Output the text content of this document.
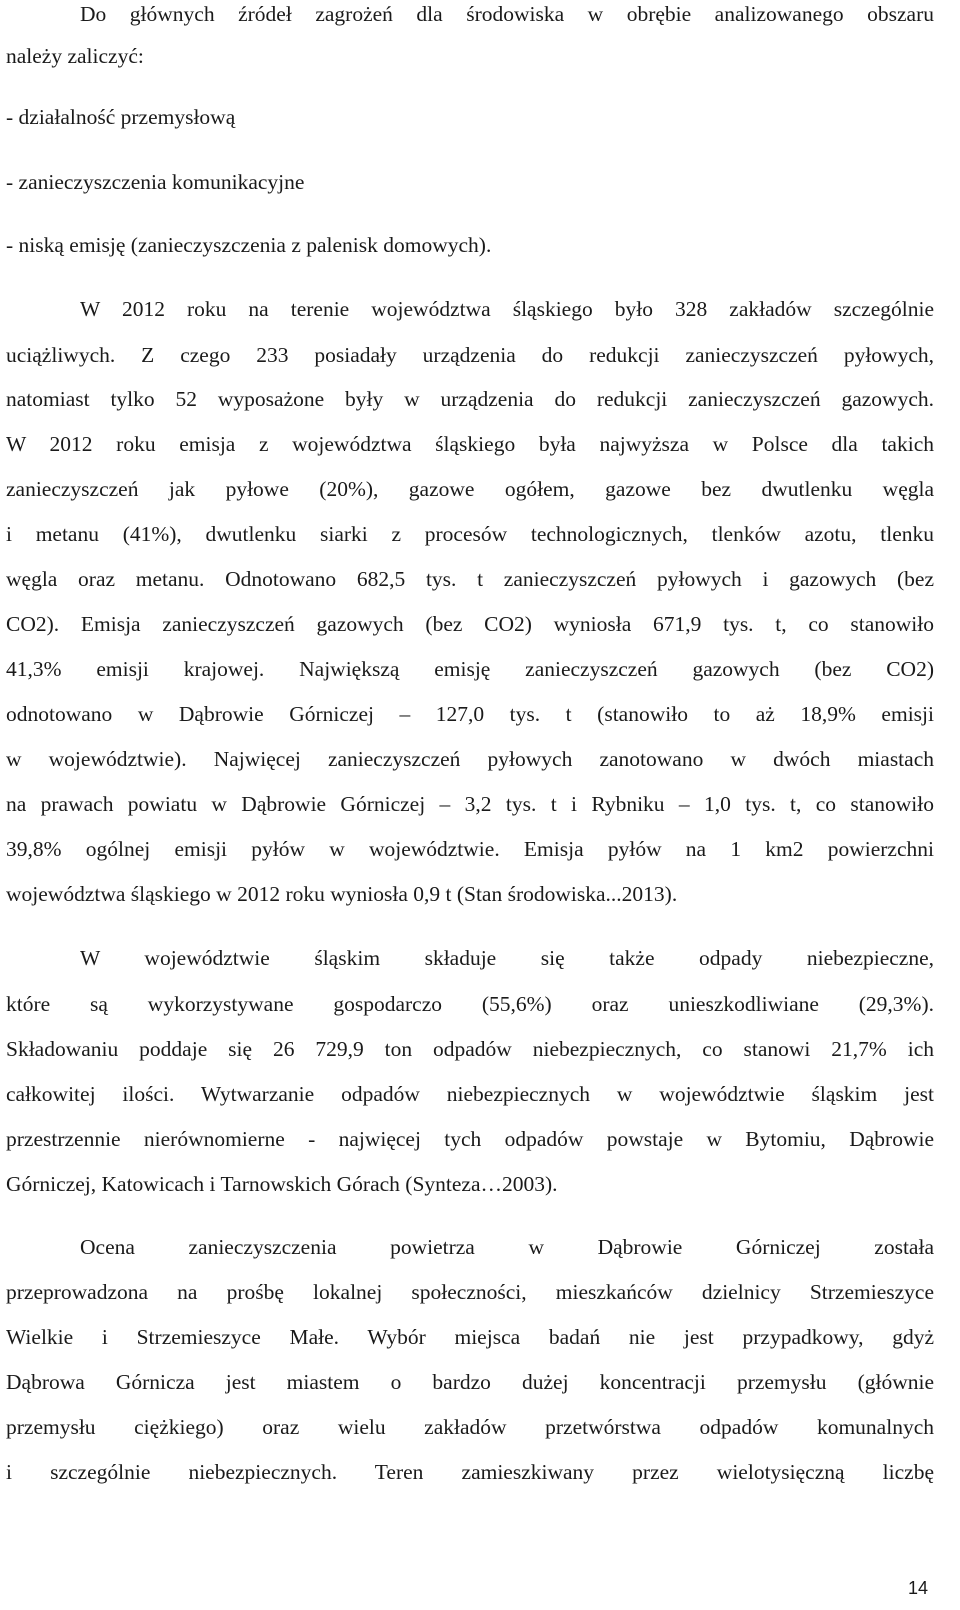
Do głównych źródeł zagrożeń dla środowiska w obrębie analizowanego obszaru
należy zaliczyć:
- działalność przemysłową
- zanieczyszczenia komunikacyjne
- niską emisję (zanieczyszczenia z palenisk domowych).
W 2012 roku na terenie województwa śląskiego było 328 zakładów szczególnie
uciążliwych. Z czego 233 posiadały urządzenia do redukcji zanieczyszczeń pyłowych,
natomiast tylko 52 wyposażone były w urządzenia do redukcji zanieczyszczeń gazowych.
W 2012 roku emisja z województwa śląskiego była najwyższa w Polsce dla takich
zanieczyszczeń jak pyłowe (20%), gazowe ogółem, gazowe bez dwutlenku węgla
i metanu (41%), dwutlenku siarki z procesów technologicznych, tlenków azotu, tlenku
węgla oraz metanu. Odnotowano 682,5 tys. t zanieczyszczeń pyłowych i gazowych (bez
CO2). Emisja zanieczyszczeń gazowych (bez CO2) wyniosła 671,9 tys. t, co stanowiło
41,3% emisji krajowej. Największą emisję zanieczyszczeń gazowych (bez CO2)
odnotowano w Dąbrowie Górniczej – 127,0 tys. t (stanowiło to aż 18,9% emisji
w województwie). Najwięcej zanieczyszczeń pyłowych zanotowano w dwóch miastach
na prawach powiatu w Dąbrowie Górniczej – 3,2 tys. t i Rybniku – 1,0 tys. t, co stanowiło
39,8% ogólnej emisji pyłów w województwie. Emisja pyłów na 1 km2 powierzchni
województwa śląskiego w 2012 roku wyniosła 0,9 t (Stan środowiska...2013).
W województwie śląskim składuje się także odpady niebezpieczne,
które są wykorzystywane gospodarczo (55,6%) oraz unieszkodliwiane (29,3%).
Składowaniu poddaje się 26 729,9 ton odpadów niebezpiecznych, co stanowi 21,7% ich
całkowitej ilości. Wytwarzanie odpadów niebezpiecznych w województwie śląskim jest
przestrzennie nierównomierne - najwięcej tych odpadów powstaje w Bytomiu, Dąbrowie
Górniczej, Katowicach i Tarnowskich Górach (Synteza…2003).
Ocena zanieczyszczenia powietrza w Dąbrowie Górniczej została
przeprowadzona na prośbę lokalnej społeczności, mieszkańców dzielnicy Strzemieszyce
Wielkie i Strzemieszyce Małe. Wybór miejsca badań nie jest przypadkowy, gdyż
Dąbrowa Górnicza jest miastem o bardzo dużej koncentracji przemysłu (głównie
przemysłu ciężkiego) oraz wielu zakładów przetwórstwa odpadów komunalnych
i szczególnie niebezpiecznych. Teren zamieszkiwany przez wielotysięczną liczbę
14
